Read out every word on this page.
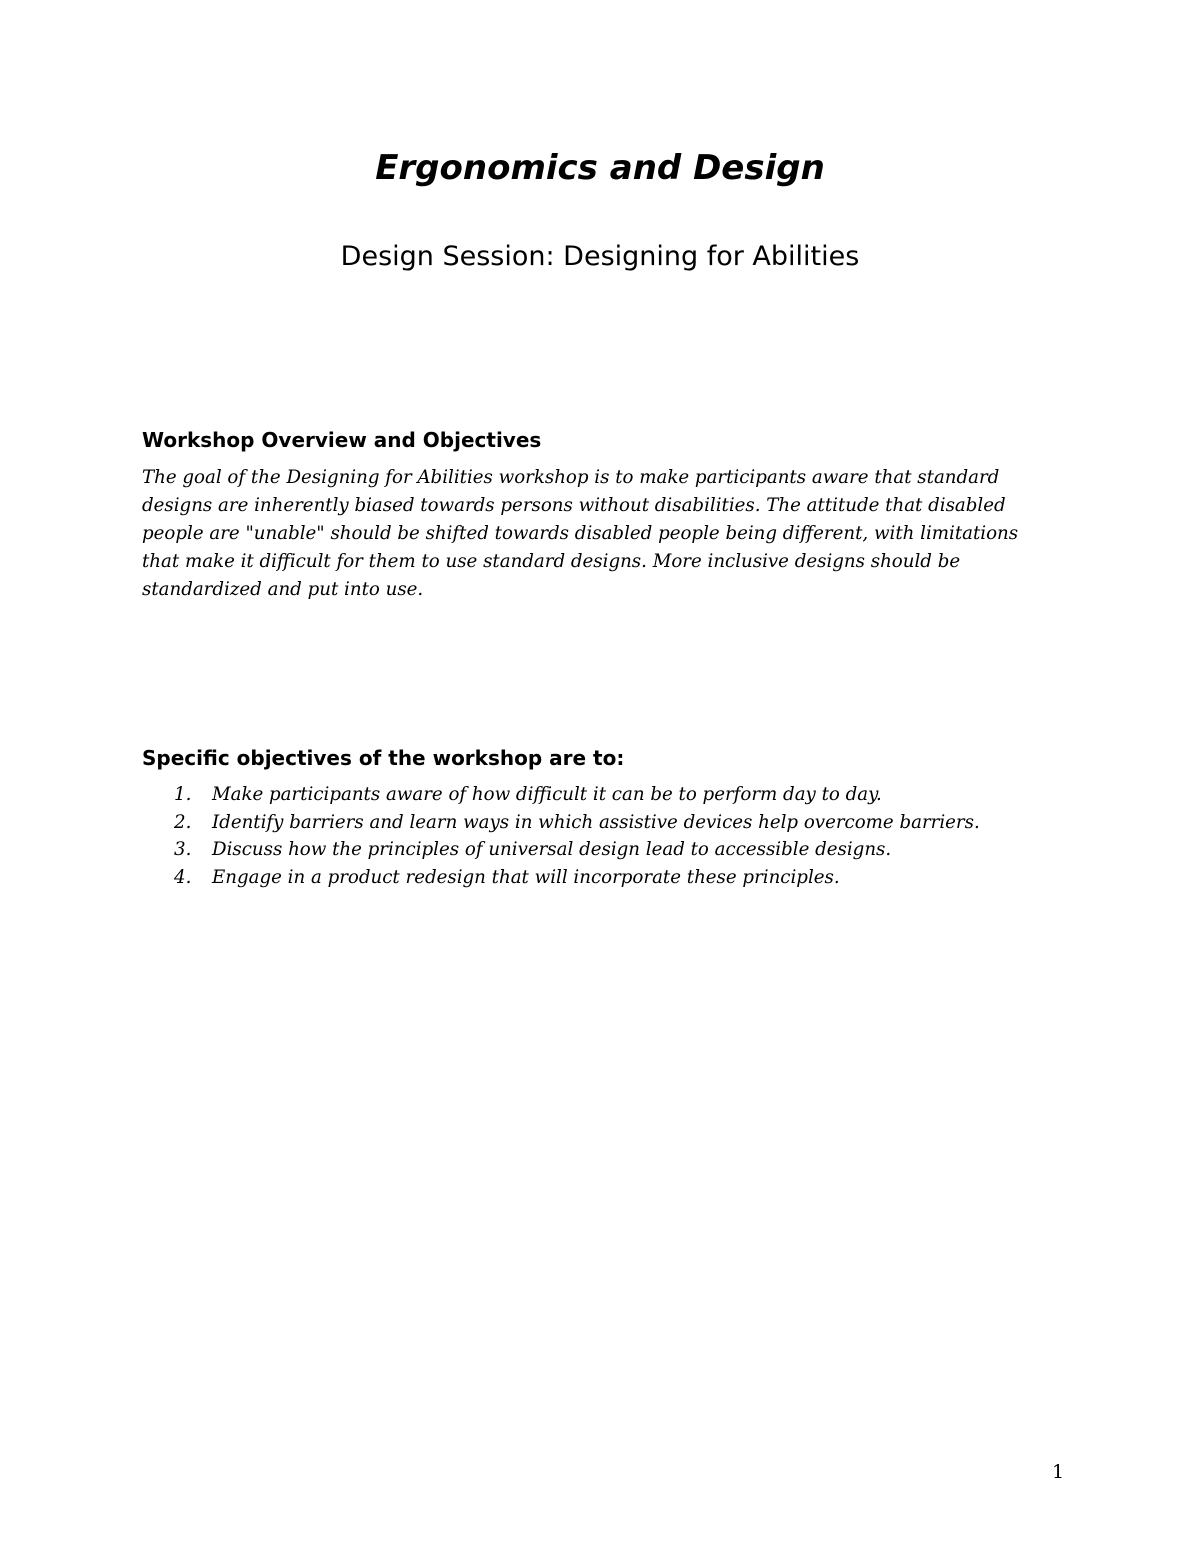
Ergonomics and Design
Design Session: Designing for Abilities
Workshop Overview and Objectives

The goal of the Designing for Abilities workshop is to make participants aware that standard designs are inherently biased towards persons without disabilities. The attitude that disabled people are "unable" should be shifted towards disabled people being different, with limitations that make it difficult for them to use standard designs. More inclusive designs should be standardized and put into use.

Specific objectives of the workshop are to:
1. Make participants aware of how difficult it can be to perform day to day.
2. Identify barriers and learn ways in which assistive devices help overcome barriers.
3. Discuss how the principles of universal design lead to accessible designs.
4. Engage in a product redesign that will incorporate these principles.
1
